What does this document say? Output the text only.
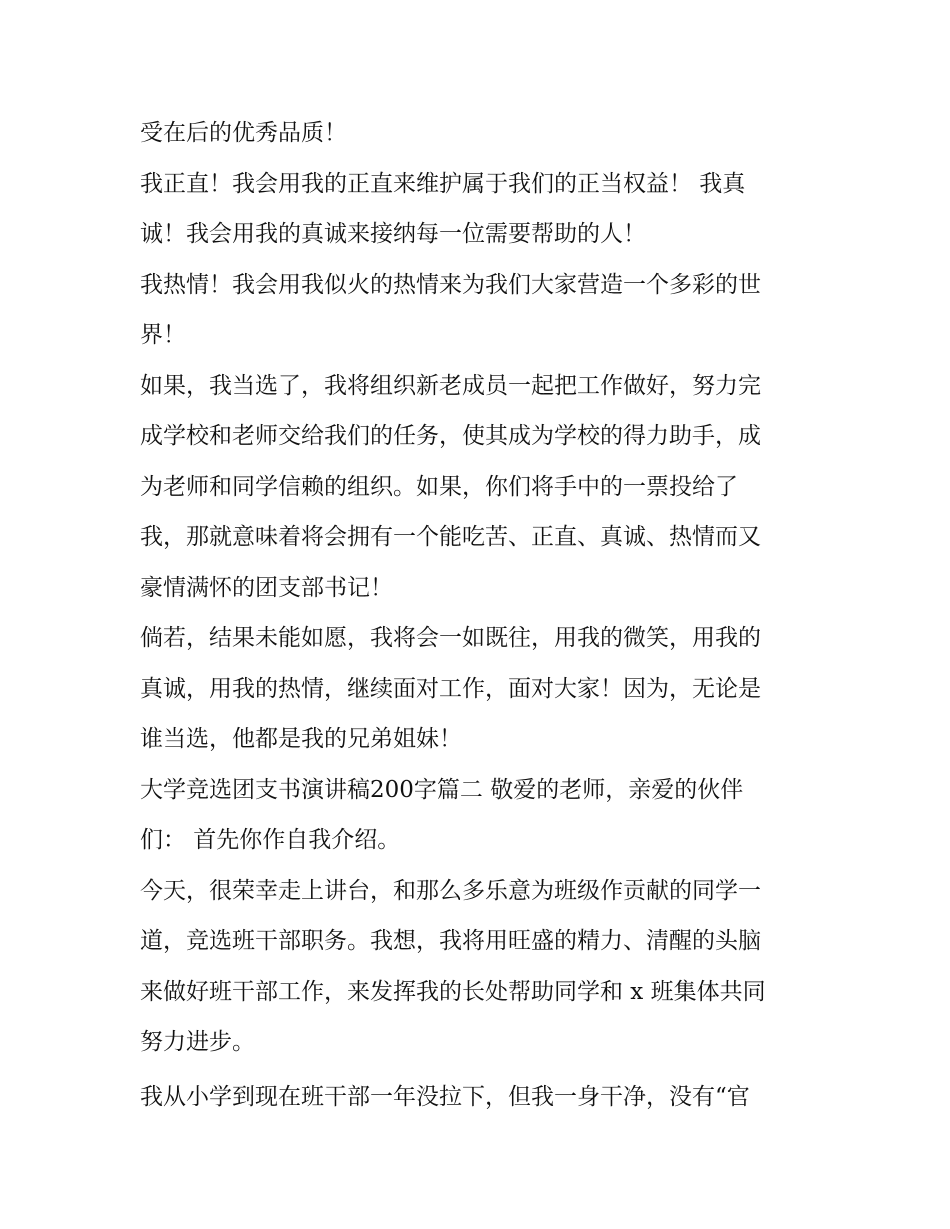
受在后的优秀品质！
我正直！我会用我的正直来维护属于我们的正当权益！ 我真
诚！我会用我的真诚来接纳每一位需要帮助的人！
我热情！我会用我似火的热情来为我们大家营造一个多彩的世
界！
如果，我当选了，我将组织新老成员一起把工作做好，努力完
成学校和老师交给我们的任务，使其成为学校的得力助手，成
为老师和同学信赖的组织。如果，你们将手中的一票投给了
我，那就意味着将会拥有一个能吃苦、正直、真诚、热情而又
豪情满怀的团支部书记！
倘若，结果未能如愿，我将会一如既往，用我的微笑，用我的
真诚，用我的热情，继续面对工作，面对大家！因为，无论是
谁当选，他都是我的兄弟姐妹！
大学竞选团支书演讲稿200字篇二 敬爱的老师，亲爱的伙伴
们： 首先你作自我介绍。
今天，很荣幸走上讲台，和那么多乐意为班级作贡献的同学一
道，竞选班干部职务。我想，我将用旺盛的精力、清醒的头脑
来做好班干部工作，来发挥我的长处帮助同学和 x 班集体共同
努力进步。
我从小学到现在班干部一年没拉下，但我一身干净，没有“官
